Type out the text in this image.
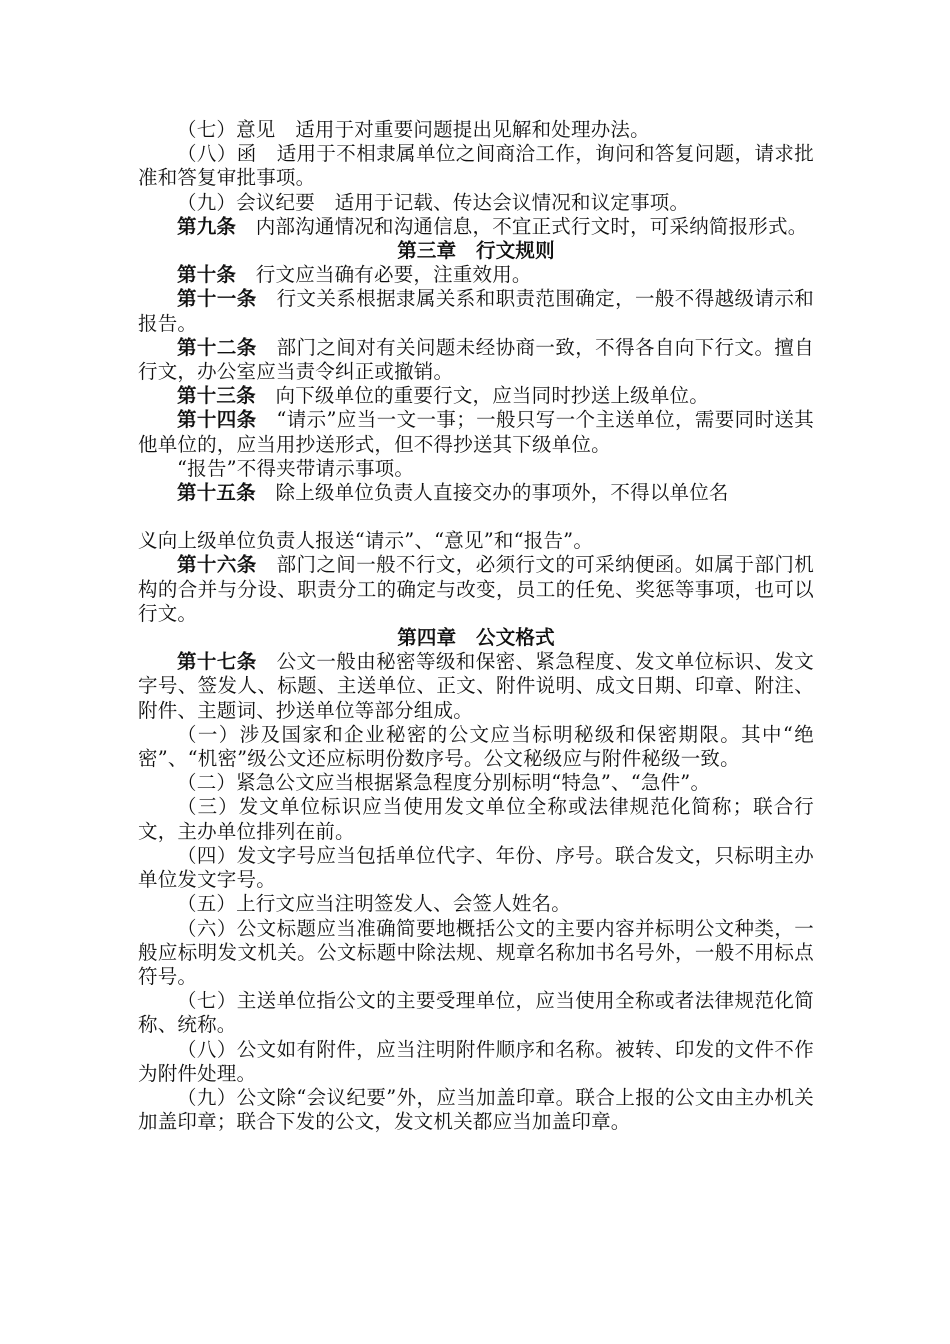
（七）意见　适用于对重要问题提出见解和处理办法。

（八）函　适用于不相隶属单位之间商洽工作，询问和答复问题，请求批准和答复审批事项。

（九）会议纪要　适用于记载、传达会议情况和议定事项。

第九条　内部沟通情况和沟通信息，不宜正式行文时，可采纳简报形式。

第三章　行文规则

第十条　行文应当确有必要，注重效用。

第十一条　行文关系根据隶属关系和职责范围确定，一般不得越级请示和报告。

第十二条　部门之间对有关问题未经协商一致，不得各自向下行文。擅自行文，办公室应当责令纠正或撤销。

第十三条　向下级单位的重要行文，应当同时抄送上级单位。

第十四条　“请示”应当一文一事；一般只写一个主送单位，需要同时送其他单位的，应当用抄送形式，但不得抄送其下级单位。

“报告”不得夹带请示事项。

第十五条　除上级单位负责人直接交办的事项外，不得以单位名

义向上级单位负责人报送“请示”、“意见”和“报告”。

第十六条　部门之间一般不行文，必须行文的可采纳便函。如属于部门机构的合并与分设、职责分工的确定与改变，员工的任免、奖惩等事项，也可以行文。

第四章　公文格式

第十七条　公文一般由秘密等级和保密、紧急程度、发文单位标识、发文字号、签发人、标题、主送单位、正文、附件说明、成文日期、印章、附注、附件、主题词、抄送单位等部分组成。

（一）涉及国家和企业秘密的公文应当标明秘级和保密期限。其中“绝密”、“机密”级公文还应标明份数序号。公文秘级应与附件秘级一致。

（二）紧急公文应当根据紧急程度分别标明“特急”、“急件”。

（三）发文单位标识应当使用发文单位全称或法律规范化简称；联合行文，主办单位排列在前。

（四）发文字号应当包括单位代字、年份、序号。联合发文，只标明主办单位发文字号。

（五）上行文应当注明签发人、会签人姓名。

（六）公文标题应当准确简要地概括公文的主要内容并标明公文种类，一般应标明发文机关。公文标题中除法规、规章名称加书名号外，一般不用标点符号。

（七）主送单位指公文的主要受理单位，应当使用全称或者法律规范化简称、统称。

（八）公文如有附件，应当注明附件顺序和名称。被转、印发的文件不作为附件处理。

（九）公文除“会议纪要”外，应当加盖印章。联合上报的公文由主办机关加盖印章；联合下发的公文，发文机关都应当加盖印章。
